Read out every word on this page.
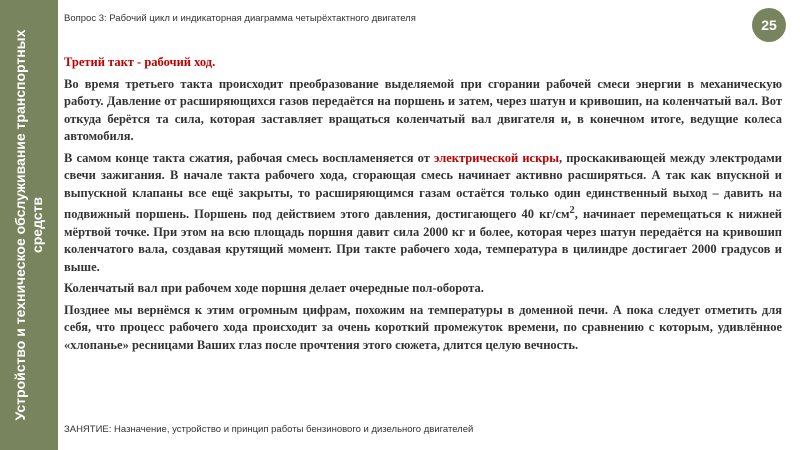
Устройство и техническое обслуживание транспортных средств
Вопрос 3: Рабочий цикл и индикаторная диаграмма четырёхтактного двигателя	25

Третий такт - рабочий ход.

Во время третьего такта происходит преобразование выделяемой при сгорании рабочей смеси энергии в механическую работу. Давление от расширяющихся газов передаётся на поршень и затем, через шатун и кривошип, на коленчатый вал. Вот откуда берётся та сила, которая заставляет вращаться коленчатый вал двигателя и, в конечном итоге, ведущие колеса автомобиля.

В самом конце такта сжатия, рабочая смесь воспламеняется от электрической искры, проскакивающей между электродами свечи зажигания. В начале такта рабочего хода, сгорающая смесь начинает активно расширяться. А так как впускной и выпускной клапаны все ещё закрыты, то расширяющимся газам остаётся только один единственный выход – давить на подвижный поршень. Поршень под действием этого давления, достигающего 40 $кг/см^2$, начинает перемещаться к нижней мёртвой точке. При этом на всю площадь поршня давит сила 2000 кг и более, которая через шатун передаётся на кривошип коленчатого вала, создавая крутящий момент. При такте рабочего хода, температура в цилиндре достигает 2000 градусов и выше.

Коленчатый вал при рабочем ходе поршня делает очередные пол-оборота.

Позднее мы вернёмся к этим огромным цифрам, похожим на температуры в доменной печи. А пока следует отметить для себя, что процесс рабочего хода происходит за очень короткий промежуток времени, по сравнению с которым, удивлённое «хлопанье» ресницами Ваших глаз после прочтения этого сюжета, длится целую вечность.

ЗАНЯТИЕ: Назначение, устройство и принцип работы бензинового и дизельного двигателей
